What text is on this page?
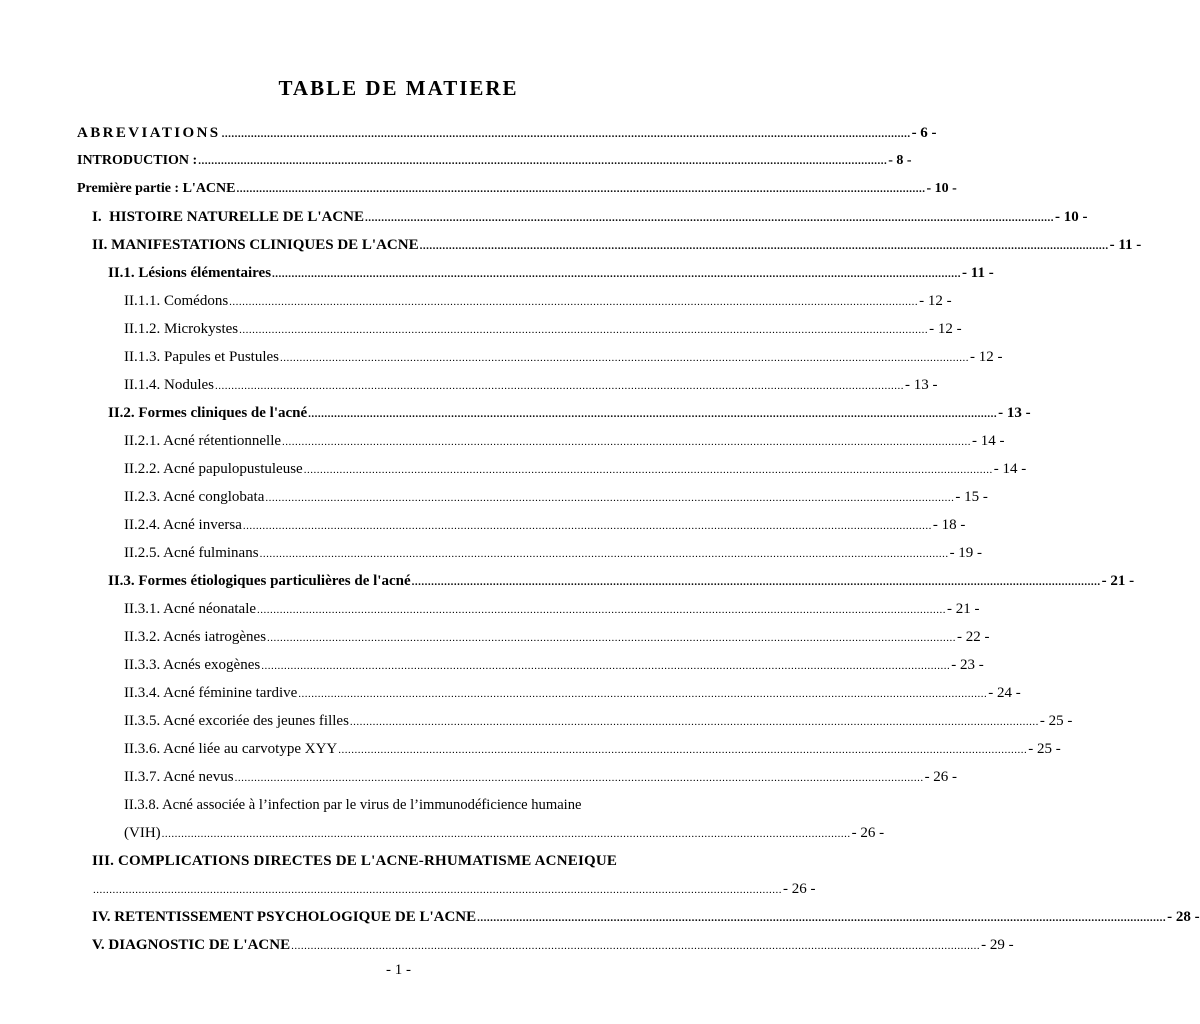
TABLE DE MATIERE
ABREVIATIONS .................................................................................................................................................................................................................... - 6 -
INTRODUCTION : .................................................................................................................................................................................................................... - 8 -
Première partie : L'ACNE .................................................................................................................................................................................................................... - 10 -
I.  HISTOIRE NATURELLE DE L'ACNE .................................................................................................................................................................................................................... - 10 -
II. MANIFESTATIONS CLINIQUES DE L'ACNE .................................................................................................................................................................................................................... - 11 -
II.1. Lésions élémentaires .................................................................................................................................................................................................................... - 11 -
II.1.1. Comédons .................................................................................................................................................................................................................... - 12 -
II.1.2. Microkystes .................................................................................................................................................................................................................... - 12 -
II.1.3. Papules et Pustules .................................................................................................................................................................................................................... - 12 -
II.1.4. Nodules .................................................................................................................................................................................................................... - 13 -
II.2. Formes cliniques de l'acné .................................................................................................................................................................................................................... - 13 -
II.2.1. Acné rétentionnelle .................................................................................................................................................................................................................... - 14 -
II.2.2. Acné papulopustuleuse .................................................................................................................................................................................................................... - 14 -
II.2.3. Acné conglobata .................................................................................................................................................................................................................... - 15 -
II.2.4. Acné inversa .................................................................................................................................................................................................................... - 18 -
II.2.5. Acné fulminans .................................................................................................................................................................................................................... - 19 -
II.3. Formes étiologiques particulières de l'acné .................................................................................................................................................................................................................... - 21 -
II.3.1. Acné néonatale .................................................................................................................................................................................................................... - 21 -
II.3.2. Acnés iatrogènes .................................................................................................................................................................................................................... - 22 -
II.3.3. Acnés exogènes .................................................................................................................................................................................................................... - 23 -
II.3.4. Acné féminine tardive .................................................................................................................................................................................................................... - 24 -
II.3.5. Acné excoriée des jeunes filles .................................................................................................................................................................................................................... - 25 -
II.3.6. Acné liée au carvotype XYY .................................................................................................................................................................................................................... - 25 -
II.3.7. Acné nevus .................................................................................................................................................................................................................... - 26 -
II.3.8. Acné associée à l’infection par le virus de l’immunodéficience humaine
(VIH) .................................................................................................................................................................................................................... - 26 -
III. COMPLICATIONS DIRECTES DE L'ACNE-RHUMATISME ACNEIQUE
.................................................................................................................................................................................................................... - 26 -
IV. RETENTISSEMENT PSYCHOLOGIQUE DE L'ACNE .................................................................................................................................................................................................................... - 28 -
V. DIAGNOSTIC DE L'ACNE .................................................................................................................................................................................................................... - 29 -
- 1 -
